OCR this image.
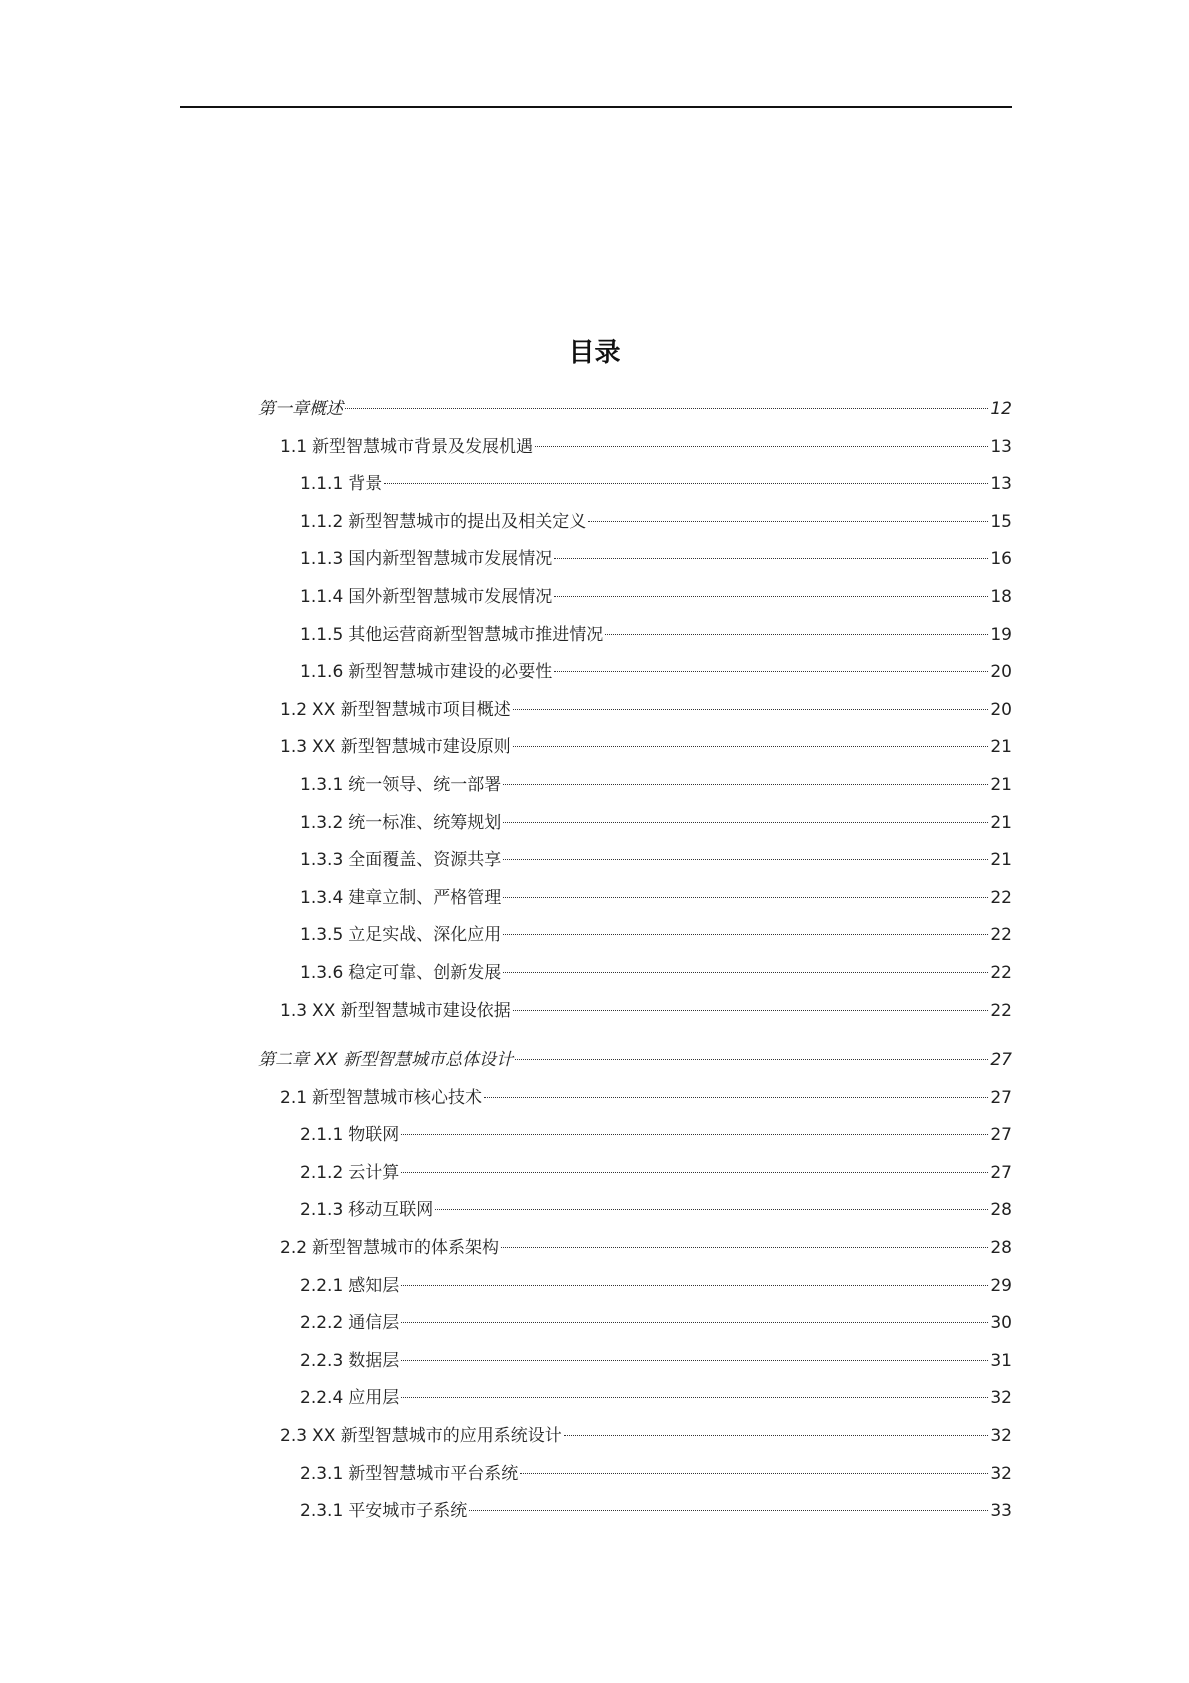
目录
第一章概述	12
1.1 新型智慧城市背景及发展机遇	13
1.1.1 背景	13
1.1.2 新型智慧城市的提出及相关定义	15
1.1.3 国内新型智慧城市发展情况	16
1.1.4 国外新型智慧城市发展情况	18
1.1.5 其他运营商新型智慧城市推进情况	19
1.1.6 新型智慧城市建设的必要性	20
1.2 XX 新型智慧城市项目概述	20
1.3 XX 新型智慧城市建设原则	21
1.3.1 统一领导、统一部署	21
1.3.2 统一标准、统筹规划	21
1.3.3 全面覆盖、资源共享	21
1.3.4 建章立制、严格管理	22
1.3.5 立足实战、深化应用	22
1.3.6 稳定可靠、创新发展	22
1.3 XX 新型智慧城市建设依据	22
第二章 XX 新型智慧城市总体设计	27
2.1 新型智慧城市核心技术	27
2.1.1 物联网	27
2.1.2 云计算	27
2.1.3 移动互联网	28
2.2 新型智慧城市的体系架构	28
2.2.1 感知层	29
2.2.2 通信层	30
2.2.3 数据层	31
2.2.4 应用层	32
2.3 XX 新型智慧城市的应用系统设计	32
2.3.1 新型智慧城市平台系统	32
2.3.1 平安城市子系统	33
